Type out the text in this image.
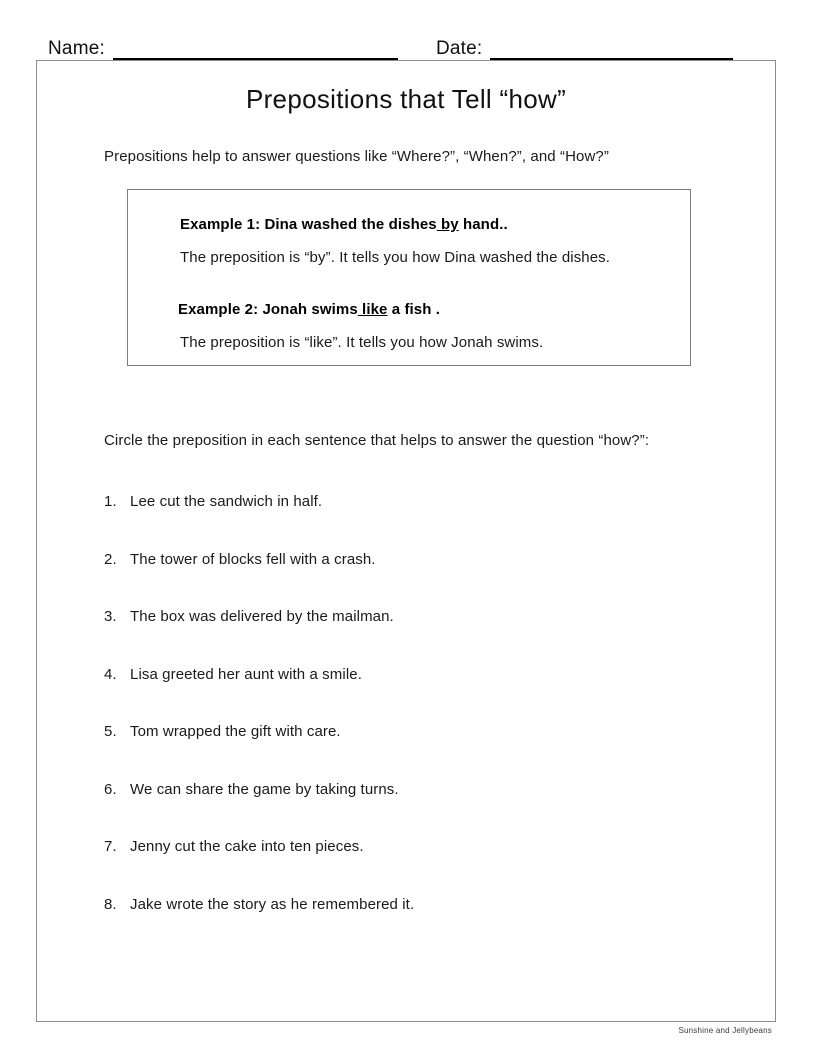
Name:	Date:
Prepositions that Tell “how”
Prepositions help to answer questions like “Where?”, “When?”, and “How?”
Example 1: Dina washed the dishes by hand..
The preposition is “by”. It tells you how Dina washed the dishes.
Example 2: Jonah swims like a fish .
The preposition is “like”. It tells you how Jonah swims.
Circle the preposition in each sentence that helps to answer the question “how?”:
1. Lee cut the sandwich in half.
2. The tower of blocks fell with a crash.
3. The box was delivered by the mailman.
4. Lisa greeted her aunt with a smile.
5. Tom wrapped the gift with care.
6. We can share the game by taking turns.
7. Jenny cut the cake into ten pieces.
8. Jake wrote the story as he remembered it.
Sunshine and Jellybeans
